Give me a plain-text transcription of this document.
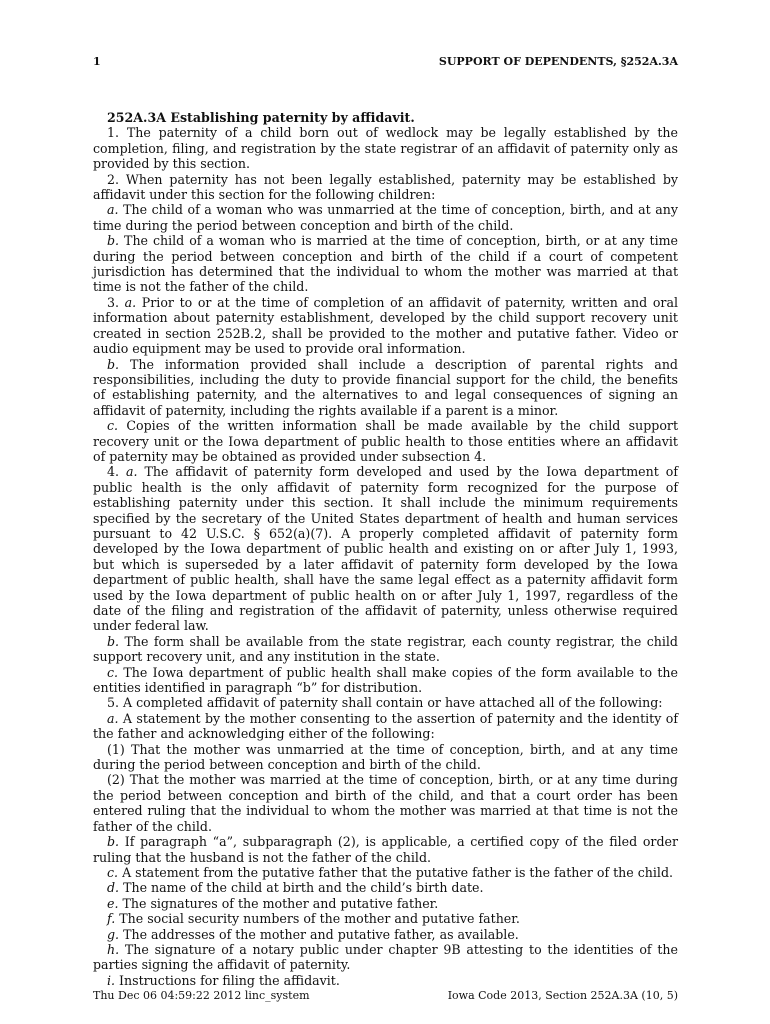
1	SUPPORT OF DEPENDENTS, §252A.3A

252A.3A Establishing paternity by affidavit.

1. The paternity of a child born out of wedlock may be legally established by the completion, filing, and registration by the state registrar of an affidavit of paternity only as provided by this section.

2. When paternity has not been legally established, paternity may be established by affidavit under this section for the following children:

a. The child of a woman who was unmarried at the time of conception, birth, and at any time during the period between conception and birth of the child.

b. The child of a woman who is married at the time of conception, birth, or at any time during the period between conception and birth of the child if a court of competent jurisdiction has determined that the individual to whom the mother was married at that time is not the father of the child.

3. a. Prior to or at the time of completion of an affidavit of paternity, written and oral information about paternity establishment, developed by the child support recovery unit created in section 252B.2, shall be provided to the mother and putative father. Video or audio equipment may be used to provide oral information.

b. The information provided shall include a description of parental rights and responsibilities, including the duty to provide financial support for the child, the benefits of establishing paternity, and the alternatives to and legal consequences of signing an affidavit of paternity, including the rights available if a parent is a minor.

c. Copies of the written information shall be made available by the child support recovery unit or the Iowa department of public health to those entities where an affidavit of paternity may be obtained as provided under subsection 4.

4. a. The affidavit of paternity form developed and used by the Iowa department of public health is the only affidavit of paternity form recognized for the purpose of establishing paternity under this section. It shall include the minimum requirements specified by the secretary of the United States department of health and human services pursuant to 42 U.S.C. § 652(a)(7). A properly completed affidavit of paternity form developed by the Iowa department of public health and existing on or after July 1, 1993, but which is superseded by a later affidavit of paternity form developed by the Iowa department of public health, shall have the same legal effect as a paternity affidavit form used by the Iowa department of public health on or after July 1, 1997, regardless of the date of the filing and registration of the affidavit of paternity, unless otherwise required under federal law.

b. The form shall be available from the state registrar, each county registrar, the child support recovery unit, and any institution in the state.

c. The Iowa department of public health shall make copies of the form available to the entities identified in paragraph “b” for distribution.

5. A completed affidavit of paternity shall contain or have attached all of the following:

a. A statement by the mother consenting to the assertion of paternity and the identity of the father and acknowledging either of the following:

(1) That the mother was unmarried at the time of conception, birth, and at any time during the period between conception and birth of the child.

(2) That the mother was married at the time of conception, birth, or at any time during the period between conception and birth of the child, and that a court order has been entered ruling that the individual to whom the mother was married at that time is not the father of the child.

b. If paragraph “a”, subparagraph (2), is applicable, a certified copy of the filed order ruling that the husband is not the father of the child.

c. A statement from the putative father that the putative father is the father of the child.

d. The name of the child at birth and the child’s birth date.

e. The signatures of the mother and putative father.

f. The social security numbers of the mother and putative father.

g. The addresses of the mother and putative father, as available.

h. The signature of a notary public under chapter 9B attesting to the identities of the parties signing the affidavit of paternity.

i. Instructions for filing the affidavit.

Thu Dec 06 04:59:22 2012 linc_system	Iowa Code 2013, Section 252A.3A (10, 5)
